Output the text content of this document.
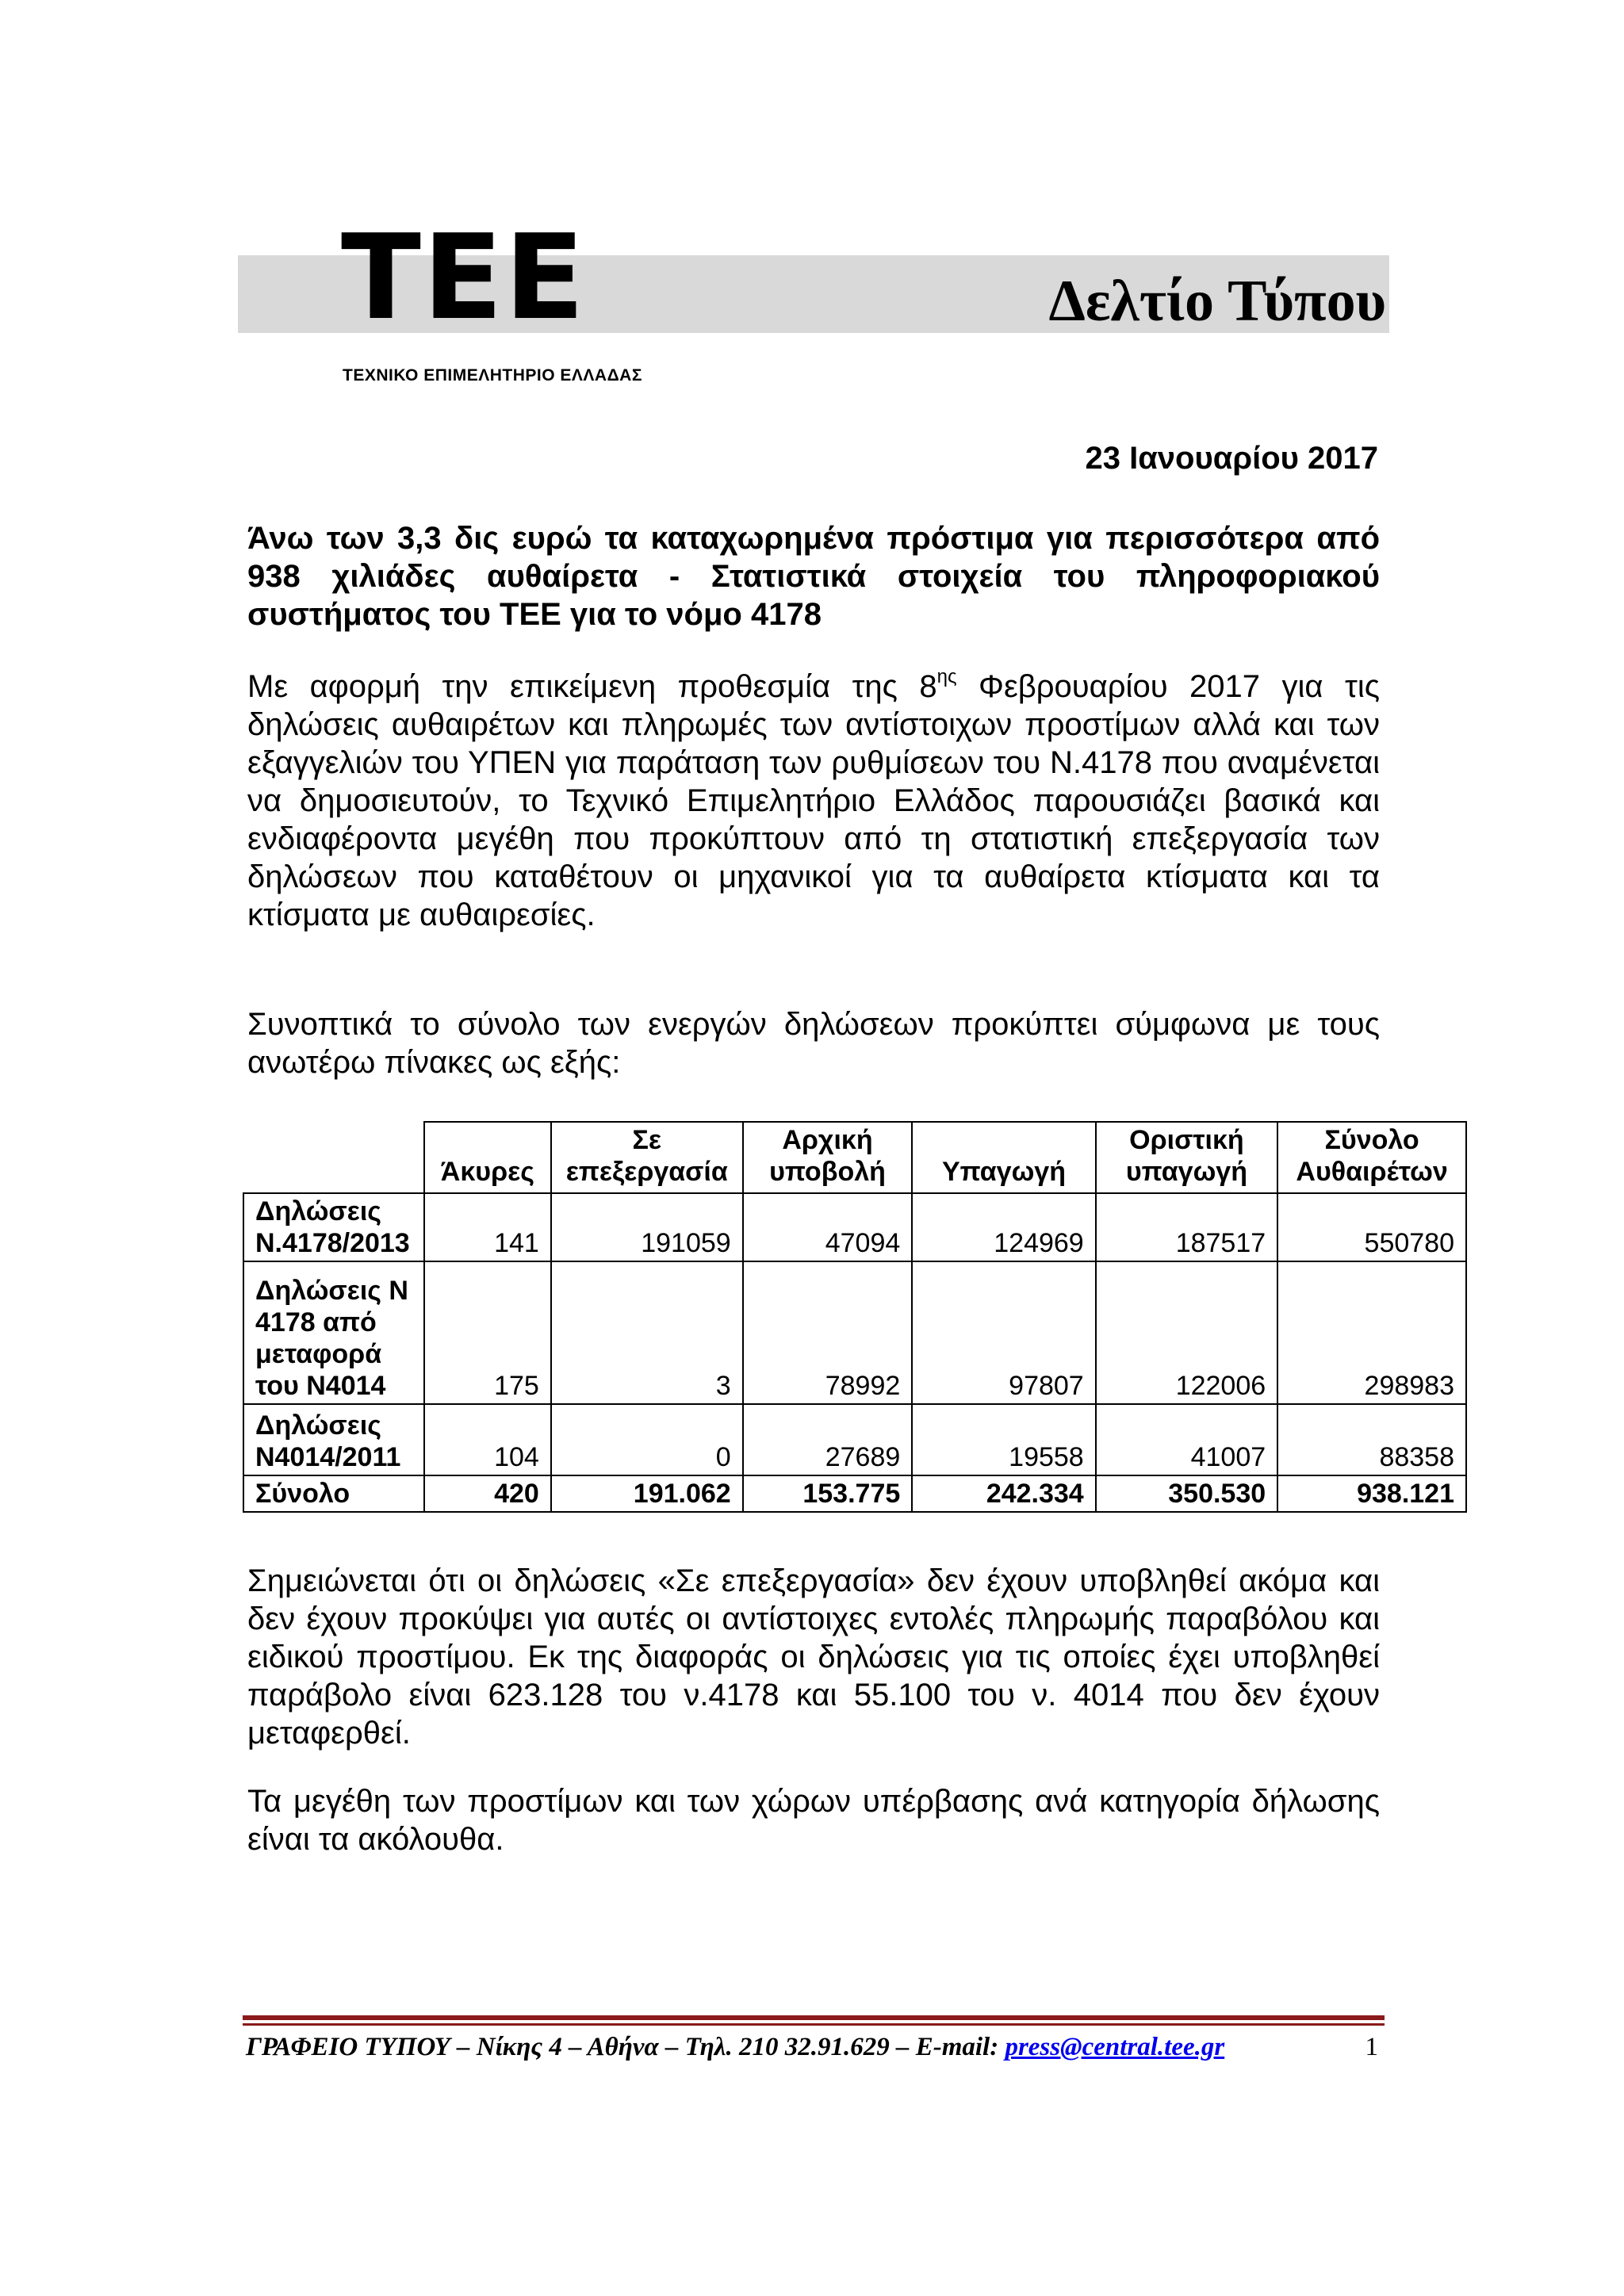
TEE	Δελτίο Τύπου
ΤΕΧΝΙΚΟ ΕΠΙΜΕΛΗΤΗΡΙΟ ΕΛΛΑΔΑΣ
23 Ιανουαρίου 2017
Άνω των 3,3 δις ευρώ τα καταχωρημένα πρόστιμα για περισσότερα από 938 χιλιάδες αυθαίρετα - Στατιστικά στοιχεία του πληροφοριακού συστήματος του ΤΕΕ για το νόμο 4178
Με αφορμή την επικείμενη προθεσμία της $8^{\eta\varsigma}$ Φεβρουαρίου 2017 για τις δηλώσεις αυθαιρέτων και πληρωμές των αντίστοιχων προστίμων αλλά και των εξαγγελιών του ΥΠΕΝ για παράταση των ρυθμίσεων του Ν.4178 που αναμένεται να δημοσιευτούν, το Τεχνικό Επιμελητήριο Ελλάδος παρουσιάζει βασικά και ενδιαφέροντα μεγέθη που προκύπτουν από τη στατιστική επεξεργασία των δηλώσεων που καταθέτουν οι μηχανικοί για τα αυθαίρετα κτίσματα και τα κτίσματα με αυθαιρεσίες.
Συνοπτικά το σύνολο των ενεργών δηλώσεων προκύπτει σύμφωνα με τους ανωτέρω πίνακες ως εξής:
	Άκυρες	Σε επεξεργασία	Αρχική υποβολή	Υπαγωγή	Οριστική υπαγωγή	Σύνολο Αυθαιρέτων
Δηλώσεις Ν.4178/2013	141	191059	47094	124969	187517	550780
Δηλώσεις Ν 4178 από μεταφορά του Ν4014	175	3	78992	97807	122006	298983
Δηλώσεις Ν4014/2011	104	0	27689	19558	41007	88358
Σύνολο	420	191.062	153.775	242.334	350.530	938.121
Σημειώνεται ότι οι δηλώσεις «Σε επεξεργασία» δεν έχουν υποβληθεί ακόμα και δεν έχουν προκύψει για αυτές οι αντίστοιχες εντολές πληρωμής παραβόλου και ειδικού προστίμου. Εκ της διαφοράς οι δηλώσεις για τις οποίες έχει υποβληθεί παράβολο είναι 623.128 του ν.4178 και 55.100 του ν. 4014 που δεν έχουν μεταφερθεί.
Τα μεγέθη των προστίμων και των χώρων υπέρβασης ανά κατηγορία δήλωσης είναι τα ακόλουθα.
ΓΡΑΦΕΙΟ ΤΥΠΟΥ – Νίκης 4 – Αθήνα – Τηλ. 210 32.91.629 – E-mail: press@central.tee.gr	1
